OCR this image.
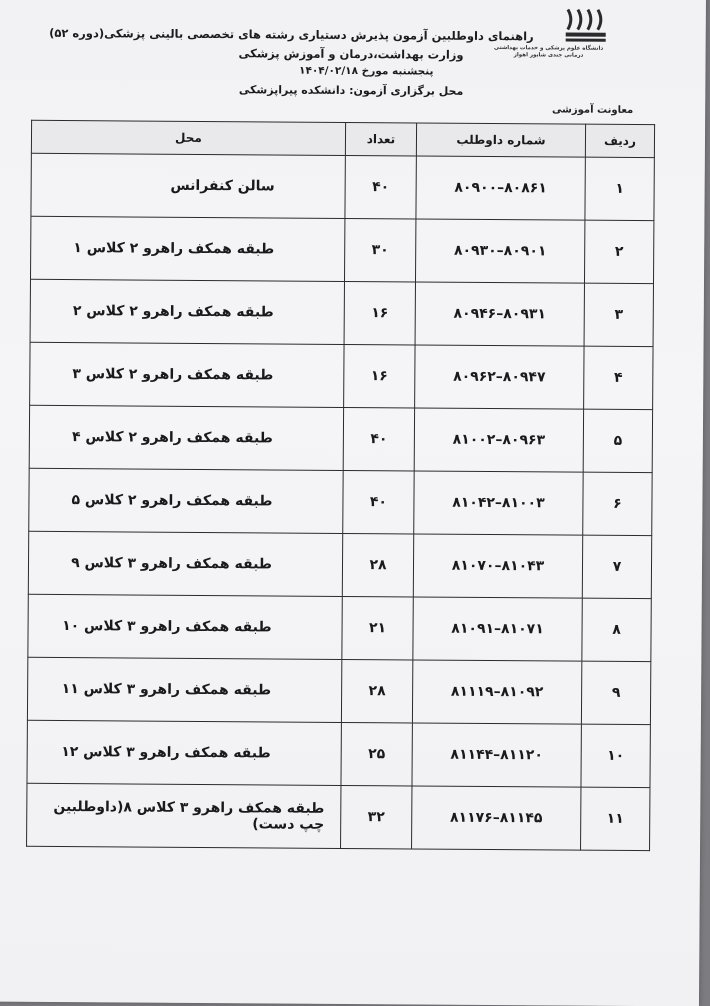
دانشگاه علوم پزشکی و خدمات بهداشتی درمانی جندی شاپور اهواز
راهنمای داوطلبین آزمون پذیرش دستیاری رشته های تخصصی بالینی پزشکی(دوره ۵۲)
وزارت بهداشت،درمان و آموزش پزشکی
پنجشنبه مورخ ۱۴۰۴/۰۲/۱۸
محل برگزاری آزمون: دانشکده پیراپزشکی
معاونت آموزشی
ردیف	شماره داوطلب	تعداد	محل
۱	۸۰۸۶۱–۸۰۹۰۰	۴۰	سالن کنفرانس
۲	۸۰۹۰۱–۸۰۹۳۰	۳۰	طبقه همکف راهرو ۲ کلاس ۱
۳	۸۰۹۳۱–۸۰۹۴۶	۱۶	طبقه همکف راهرو ۲ کلاس ۲
۴	۸۰۹۴۷–۸۰۹۶۲	۱۶	طبقه همکف راهرو ۲ کلاس ۳
۵	۸۰۹۶۳–۸۱۰۰۲	۴۰	طبقه همکف راهرو ۲ کلاس ۴
۶	۸۱۰۰۳–۸۱۰۴۲	۴۰	طبقه همکف راهرو ۲ کلاس ۵
۷	۸۱۰۴۳–۸۱۰۷۰	۲۸	طبقه همکف راهرو ۳ کلاس ۹
۸	۸۱۰۷۱–۸۱۰۹۱	۲۱	طبقه همکف راهرو ۳ کلاس ۱۰
۹	۸۱۰۹۲–۸۱۱۱۹	۲۸	طبقه همکف راهرو ۳ کلاس ۱۱
۱۰	۸۱۱۲۰–۸۱۱۴۴	۲۵	طبقه همکف راهرو ۳ کلاس ۱۲
۱۱	۸۱۱۴۵–۸۱۱۷۶	۳۲	طبقه همکف راهرو ۳ کلاس ۸(داوطلبین چپ دست)
